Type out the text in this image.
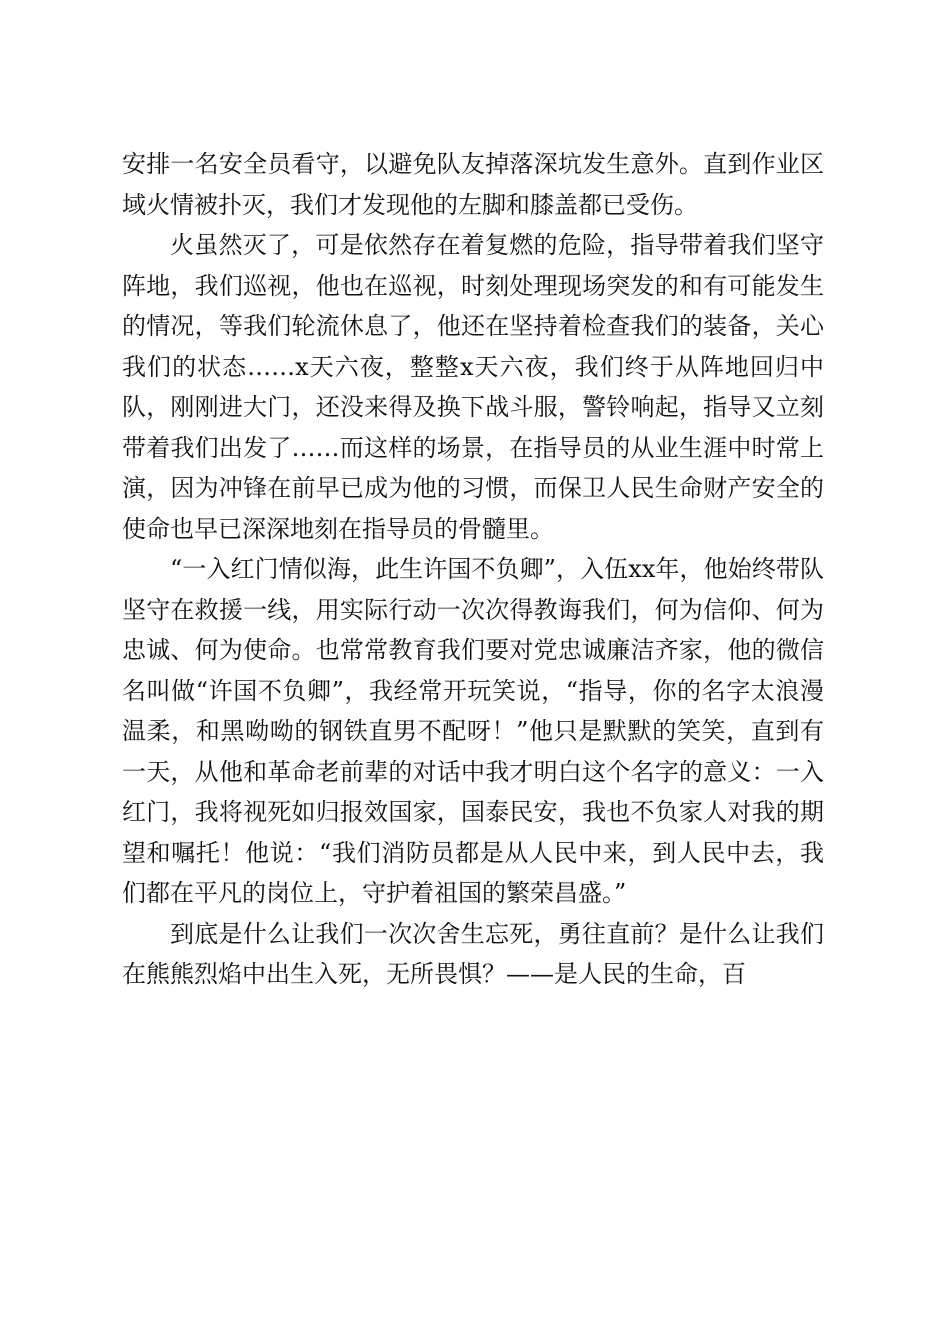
安排一名安全员看守，以避免队友掉落深坑发生意外。直到作业区域火情被扑灭，我们才发现他的左脚和膝盖都已受伤。

火虽然灭了，可是依然存在着复燃的危险，指导带着我们坚守阵地，我们巡视，他也在巡视，时刻处理现场突发的和有可能发生的情况，等我们轮流休息了，他还在坚持着检查我们的装备，关心我们的状态……x天六夜，整整x天六夜，我们终于从阵地回归中队，刚刚进大门，还没来得及换下战斗服，警铃响起，指导又立刻带着我们出发了……而这样的场景，在指导员的从业生涯中时常上演，因为冲锋在前早已成为他的习惯，而保卫人民生命财产安全的使命也早已深深地刻在指导员的骨髓里。

“一入红门情似海，此生许国不负卿”，入伍xx年，他始终带队坚守在救援一线，用实际行动一次次得教诲我们，何为信仰、何为忠诚、何为使命。也常常教育我们要对党忠诚廉洁齐家，他的微信名叫做“许国不负卿”，我经常开玩笑说，“指导，你的名字太浪漫温柔，和黑呦呦的钢铁直男不配呀！”他只是默默的笑笑，直到有一天，从他和革命老前辈的对话中我才明白这个名字的意义：一入红门，我将视死如归报效国家，国泰民安，我也不负家人对我的期望和嘱托！他说：“我们消防员都是从人民中来，到人民中去，我们都在平凡的岗位上，守护着祖国的繁荣昌盛。”

到底是什么让我们一次次舍生忘死，勇往直前？是什么让我们在熊熊烈焰中出生入死，无所畏惧？——是人民的生命，百
